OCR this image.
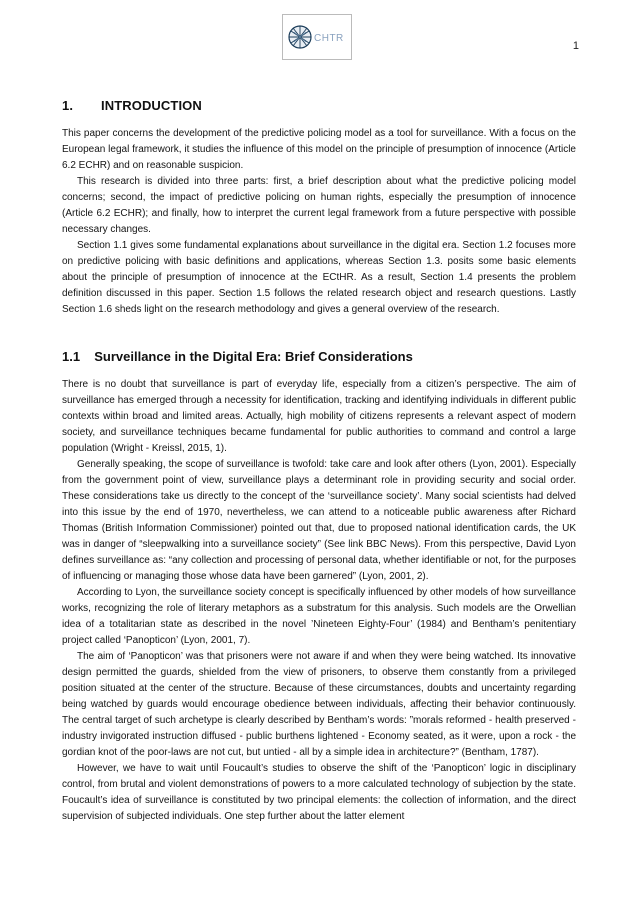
CHTR
1
1. INTRODUCTION

This paper concerns the development of the predictive policing model as a tool for surveillance. With a focus on the European legal framework, it studies the influence of this model on the principle of presumption of innocence (Article 6.2 ECHR) and on reasonable suspicion.

This research is divided into three parts: first, a brief description about what the predictive policing model concerns; second, the impact of predictive policing on human rights, especially the presumption of innocence (Article 6.2 ECHR); and finally, how to interpret the current legal framework from a future perspective with possible necessary changes.

Section 1.1 gives some fundamental explanations about surveillance in the digital era. Section 1.2 focuses more on predictive policing with basic definitions and applications, whereas Section 1.3. posits some basic elements about the principle of presumption of innocence at the ECtHR. As a result, Section 1.4 presents the problem definition discussed in this paper. Section 1.5 follows the related research object and research questions. Lastly Section 1.6 sheds light on the research methodology and gives a general overview of the research.

1.1 Surveillance in the Digital Era: Brief Considerations

There is no doubt that surveillance is part of everyday life, especially from a citizen’s perspective. The aim of surveillance has emerged through a necessity for identification, tracking and identifying individuals in different public contexts within broad and limited areas. Actually, high mobility of citizens represents a relevant aspect of modern society, and surveillance techniques became fundamental for public authorities to command and control a large population (Wright - Kreissl, 2015, 1).

Generally speaking, the scope of surveillance is twofold: take care and look after others (Lyon, 2001). Especially from the government point of view, surveillance plays a determinant role in providing security and social order. These considerations take us directly to the concept of the ‘surveillance society’. Many social scientists had delved into this issue by the end of 1970, nevertheless, we can attend to a noticeable public awareness after Richard Thomas (British Information Commissioner) pointed out that, due to proposed national identification cards, the UK was in danger of “sleepwalking into a surveillance society” (See link BBC News). From this perspective, David Lyon defines surveillance as: “any collection and processing of personal data, whether identifiable or not, for the purposes of influencing or managing those whose data have been garnered” (Lyon, 2001, 2).

According to Lyon, the surveillance society concept is specifically influenced by other models of how surveillance works, recognizing the role of literary metaphors as a substratum for this analysis. Such models are the Orwellian idea of a totalitarian state as described in the novel ’Nineteen Eighty-Four’ (1984) and Bentham’s penitentiary project called ‘Panopticon’ (Lyon, 2001, 7).

The aim of ‘Panopticon’ was that prisoners were not aware if and when they were being watched. Its innovative design permitted the guards, shielded from the view of prisoners, to observe them constantly from a privileged position situated at the center of the structure. Because of these circumstances, doubts and uncertainty regarding being watched by guards would encourage obedience between individuals, affecting their behavior continuously. The central target of such archetype is clearly described by Bentham’s words: ”morals reformed - health preserved - industry invigorated instruction diffused - public burthens lightened - Economy seated, as it were, upon a rock - the gordian knot of the poor-laws are not cut, but untied - all by a simple idea in architecture?” (Bentham, 1787).

However, we have to wait until Foucault’s studies to observe the shift of the ‘Panopticon’ logic in disciplinary control, from brutal and violent demonstrations of powers to a more calculated technology of subjection by the state. Foucault’s idea of surveillance is constituted by two principal elements: the collection of information, and the direct supervision of subjected individuals. One step further about the latter element
